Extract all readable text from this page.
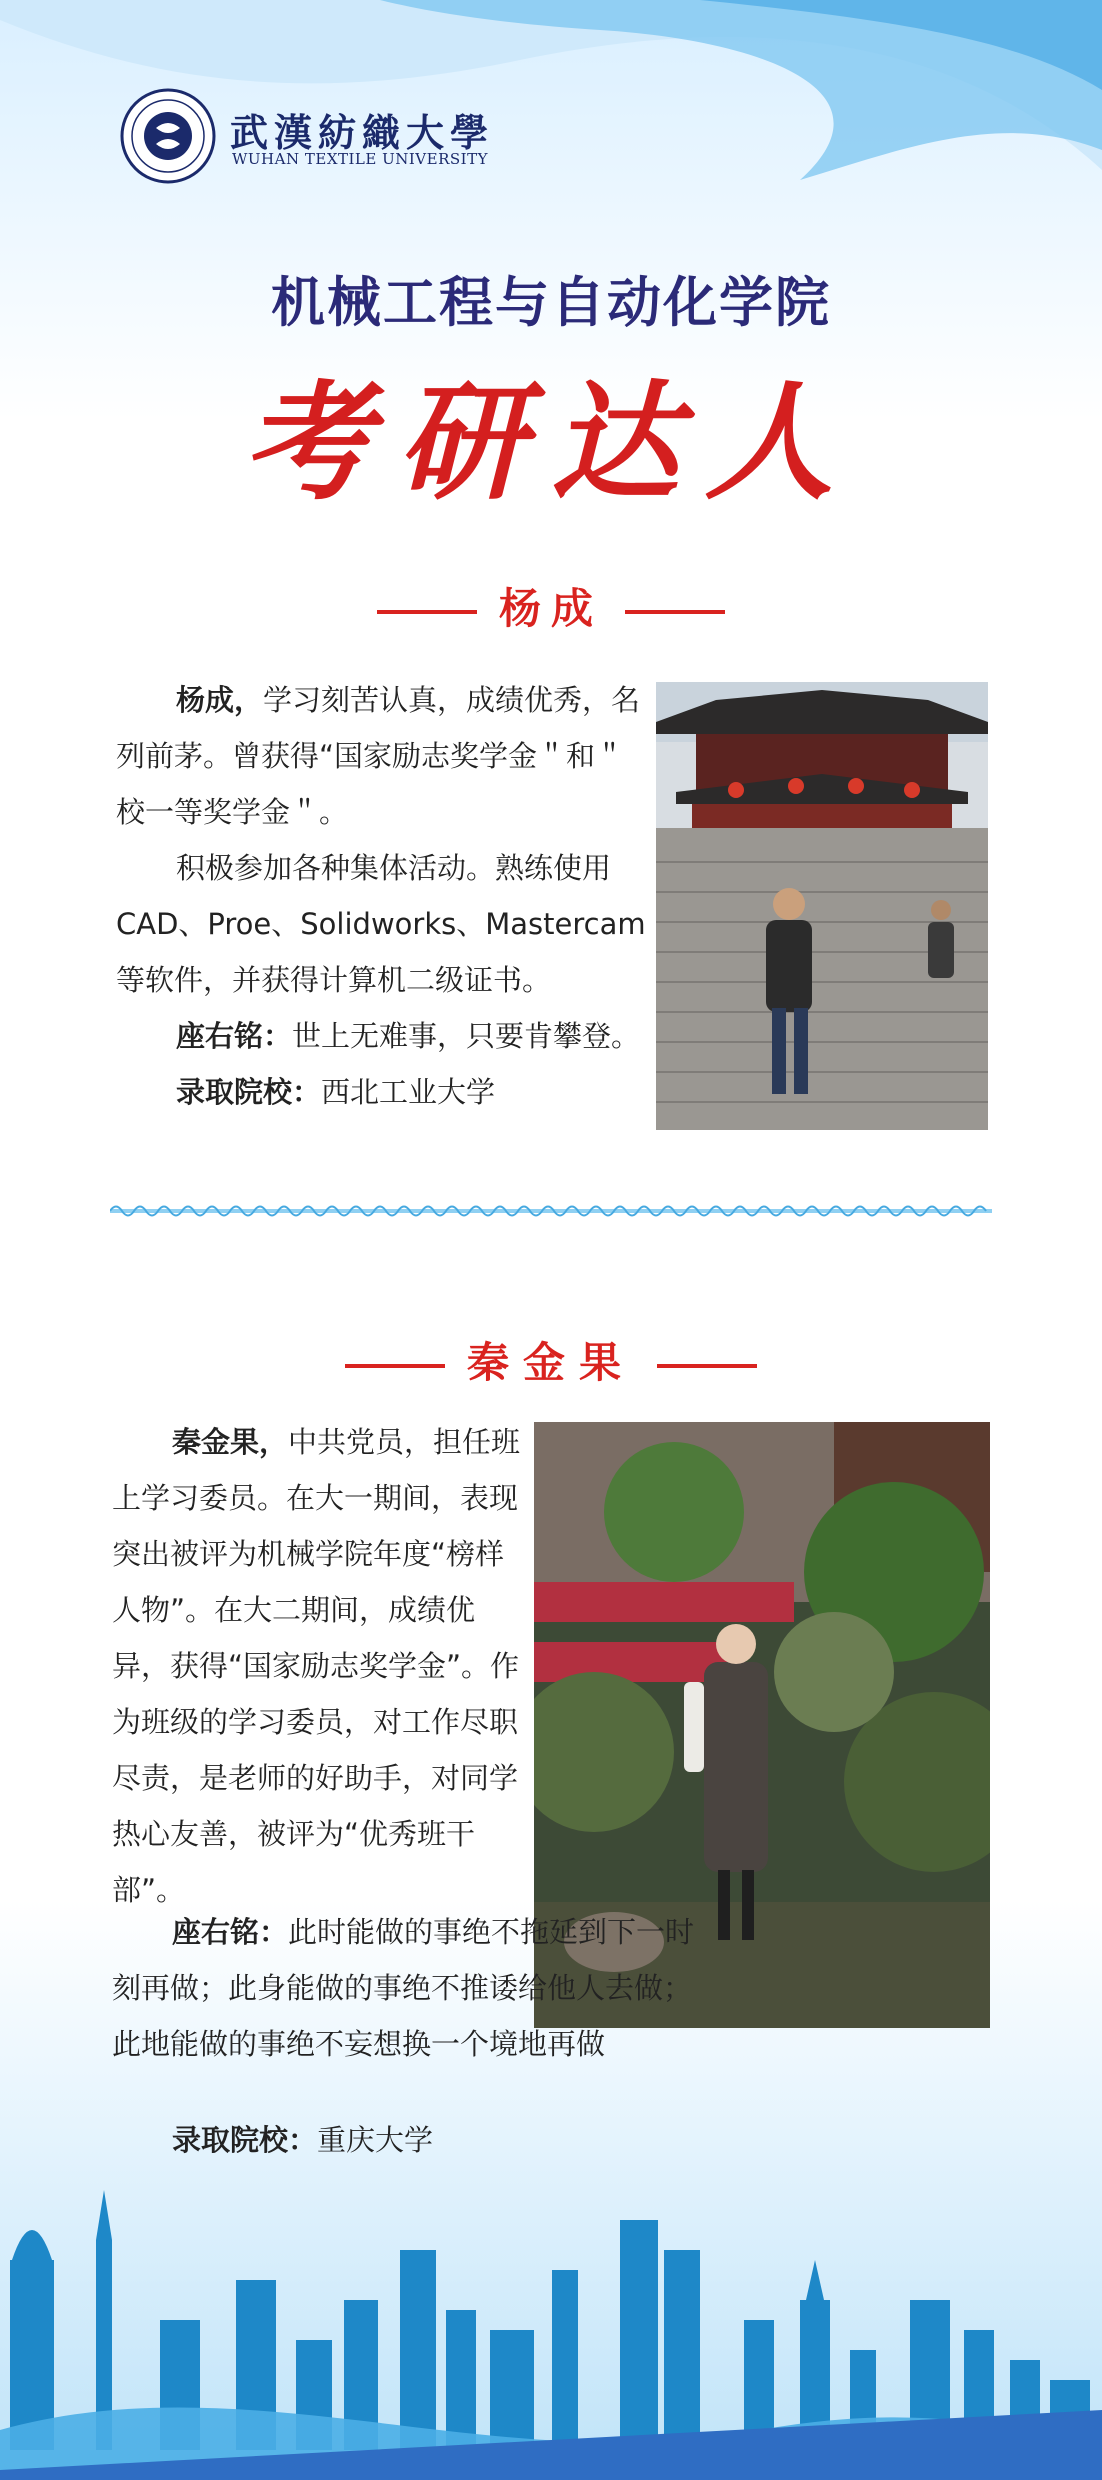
武漢紡織大學
WUHAN TEXTILE UNIVERSITY
机械工程与自动化学院
考研达人
杨成

杨成，学习刻苦认真，成绩优秀，名列前茅。曾获得“国家励志奖学金＂和＂校一等奖学金＂。

积极参加各种集体活动。熟练使用CAD、Proe、Solidworks、Mastercam等软件，并获得计算机二级证书。

座右铭：世上无难事，只要肯攀登。

录取院校：西北工业大学

秦金果

秦金果，中共党员，担任班上学习委员。在大一期间，表现突出被评为机械学院年度“榜样人物”。在大二期间，成绩优异，获得“国家励志奖学金”。作为班级的学习委员，对工作尽职尽责，是老师的好助手，对同学热心友善，被评为“优秀班干部”。

座右铭：此时能做的事绝不拖延到下一时刻再做；此身能做的事绝不推诿给他人去做；此地能做的事绝不妄想换一个境地再做

录取院校：重庆大学
